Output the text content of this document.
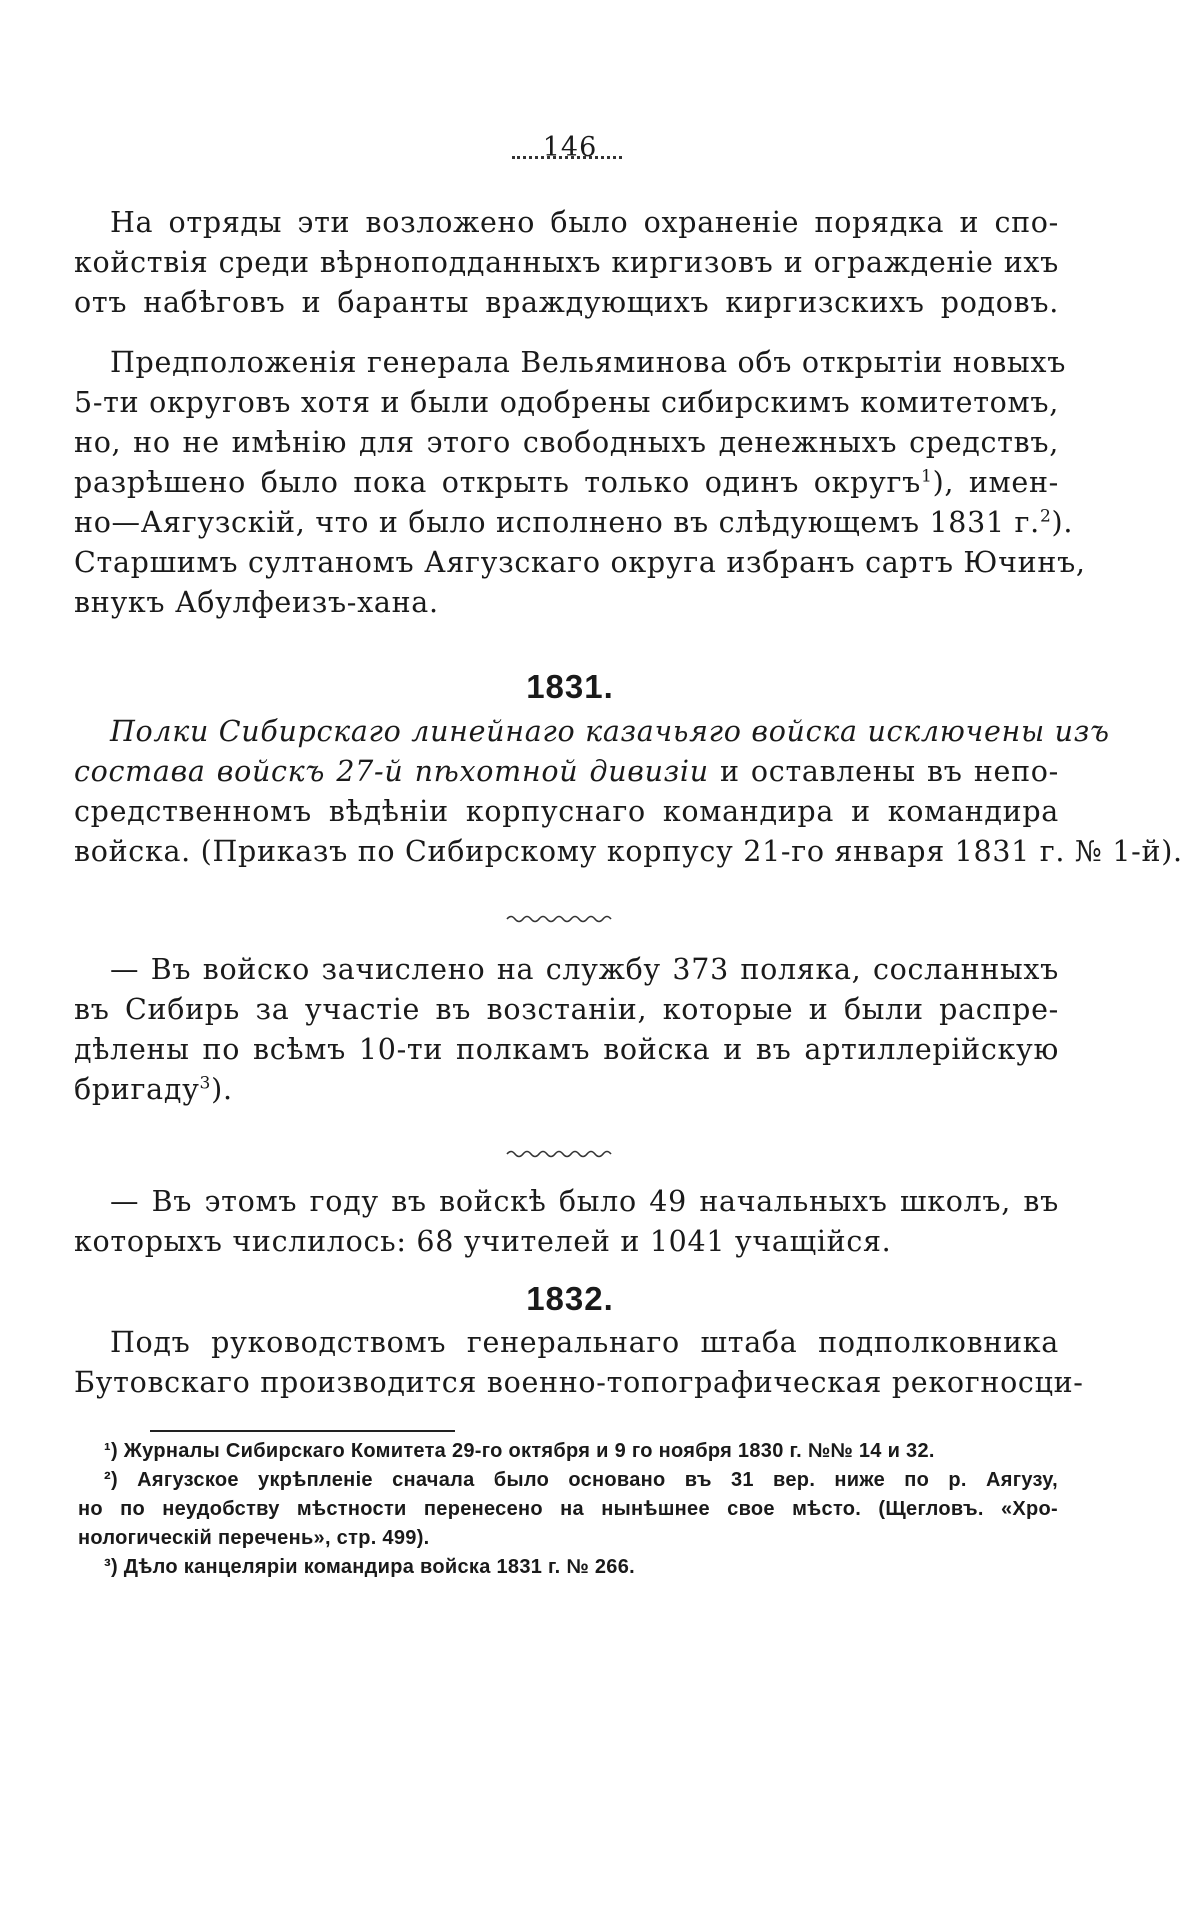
146
На отряды эти возложено было охраненіе порядка и спо-
койствія среди вѣрноподданныхъ киргизовъ и огражденіе ихъ
отъ набѣговъ и баранты враждующихъ киргизскихъ родовъ.
Предположенія генерала Вельяминова объ открытіи новыхъ
5-ти округовъ хотя и были одобрены сибирскимъ комитетомъ,
но, но не имѣнію для этого свободныхъ денежныхъ средствъ,
разрѣшено было пока открыть только одинъ округъ$^1$), имен-
но—Аягузскій, что и было исполнено въ слѣдующемъ 1831 г.$^2$).
Старшимъ султаномъ Аягузскаго округа избранъ сартъ Ючинъ,
внукъ Абулфеизъ-хана.
1831.
Полки Сибирскаго линейнаго казачьяго войска исключены изъ
состава войскъ 27-й пѣхотной дивизіи и оставлены въ непо-
средственномъ вѣдѣніи корпуснаго командира и командира
войска. (Приказъ по Сибирскому корпусу 21-го января 1831 г. № 1-й).
— Въ войско зачислено на службу 373 поляка, сосланныхъ
въ Сибирь за участіе въ возстаніи, которые и были распре-
дѣлены по всѣмъ 10-ти полкамъ войска и въ артиллерійскую
бригаду$^3$).
— Въ этомъ году въ войскѣ было 49 начальныхъ школъ, въ
которыхъ числилось: 68 учителей и 1041 учащійся.
1832.
Подъ руководствомъ генеральнаго штаба подполковника
Бутовскаго производится военно-топографическая рекогносци-
¹) Журналы Сибирскаго Комитета 29-го октября и 9 го ноября 1830 г. №№ 14 и 32.
²) Аягузское укрѣпленіе сначала было основано въ 31 вер. ниже по р. Аягузу,
но по неудобству мѣстности перенесено на нынѣшнее свое мѣсто. (Щегловъ. «Хро-
нологическій перечень», стр. 499).
³) Дѣло канцеляріи командира войска 1831 г. № 266.
